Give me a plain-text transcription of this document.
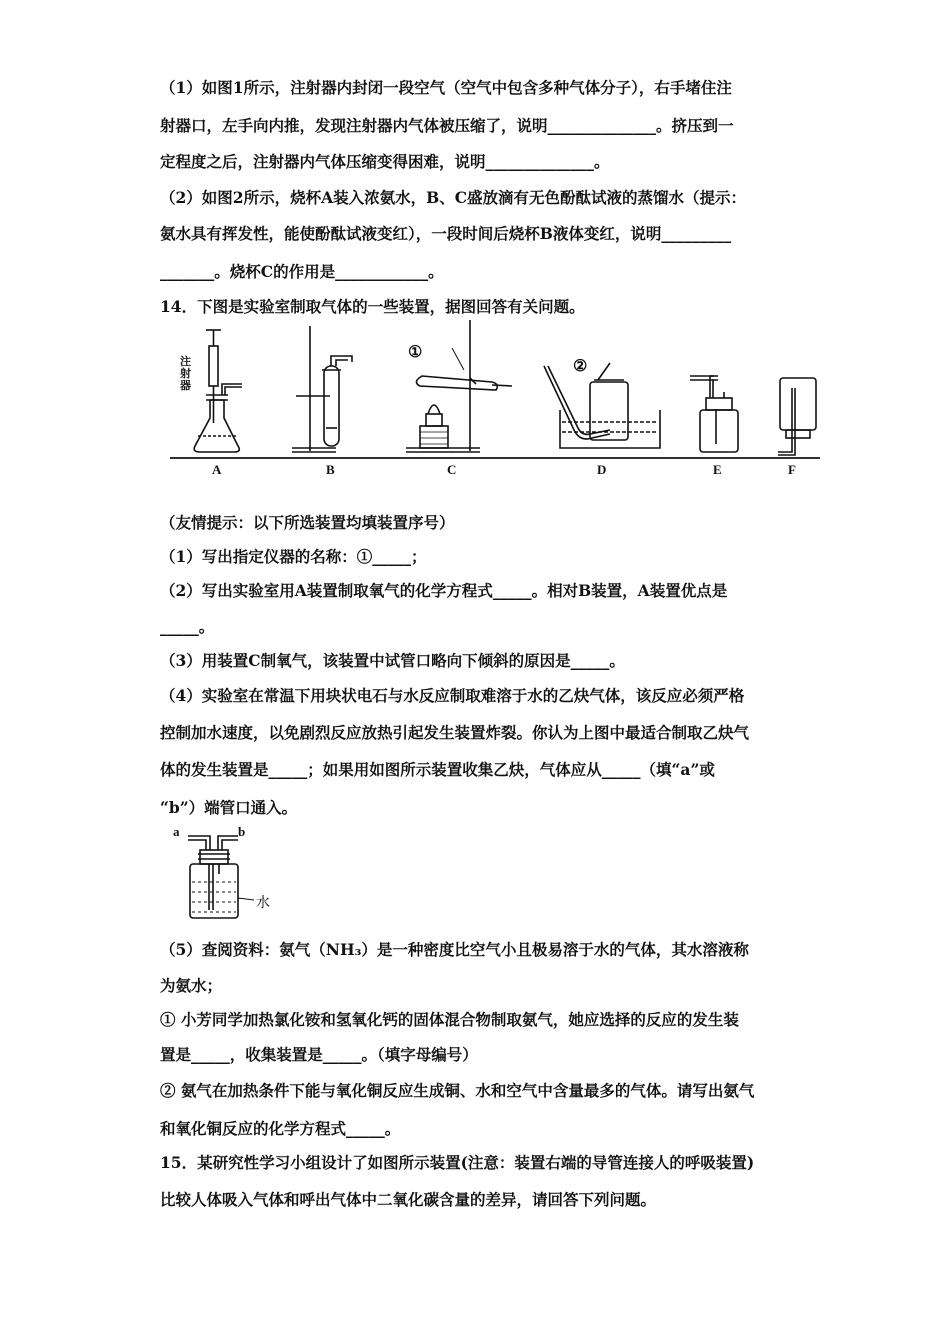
（1）如图1所示，注射器内封闭一段空气（空气中包含多种气体分子），右手堵住注
射器口，左手向内推，发现注射器内气体被压缩了，说明______________。挤压到一
定程度之后，注射器内气体压缩变得困难，说明______________。
（2）如图2所示，烧杯A装入浓氨水，B、C盛放滴有无色酚酞试液的蒸馏水（提示：
氨水具有挥发性，能使酚酞试液变红），一段时间后烧杯B液体变红，说明_________
_______。烧杯C的作用是____________。
14．下图是实验室制取气体的一些装置，据图回答有关问题。
注射器
①
②
A	B	C	D	E	F
（友情提示：以下所选装置均填装置序号）
（1）写出指定仪器的名称：①_____；
（2）写出实验室用A装置制取氧气的化学方程式_____。相对B装置，A装置优点是
_____。
（3）用装置C制氧气，该装置中试管口略向下倾斜的原因是_____。
（4）实验室在常温下用块状电石与水反应制取难溶于水的乙炔气体，该反应必须严格
控制加水速度，以免剧烈反应放热引起发生装置炸裂。你认为上图中最适合制取乙炔气
体的发生装置是_____；如果用如图所示装置收集乙炔，气体应从_____（填“a”或
“b”）端管口通入。
a	b
水
（5）查阅资料：氨气（NH₃）是一种密度比空气小且极易溶于水的气体，其水溶液称
为氨水；
① 小芳同学加热氯化铵和氢氧化钙的固体混合物制取氨气，她应选择的反应的发生装
置是_____，收集装置是_____。（填字母编号）
② 氨气在加热条件下能与氧化铜反应生成铜、水和空气中含量最多的气体。请写出氨气
和氧化铜反应的化学方程式_____。
15．某研究性学习小组设计了如图所示装置(注意：装置右端的导管连接人的呼吸装置)
比较人体吸入气体和呼出气体中二氧化碳含量的差异，请回答下列问题。
